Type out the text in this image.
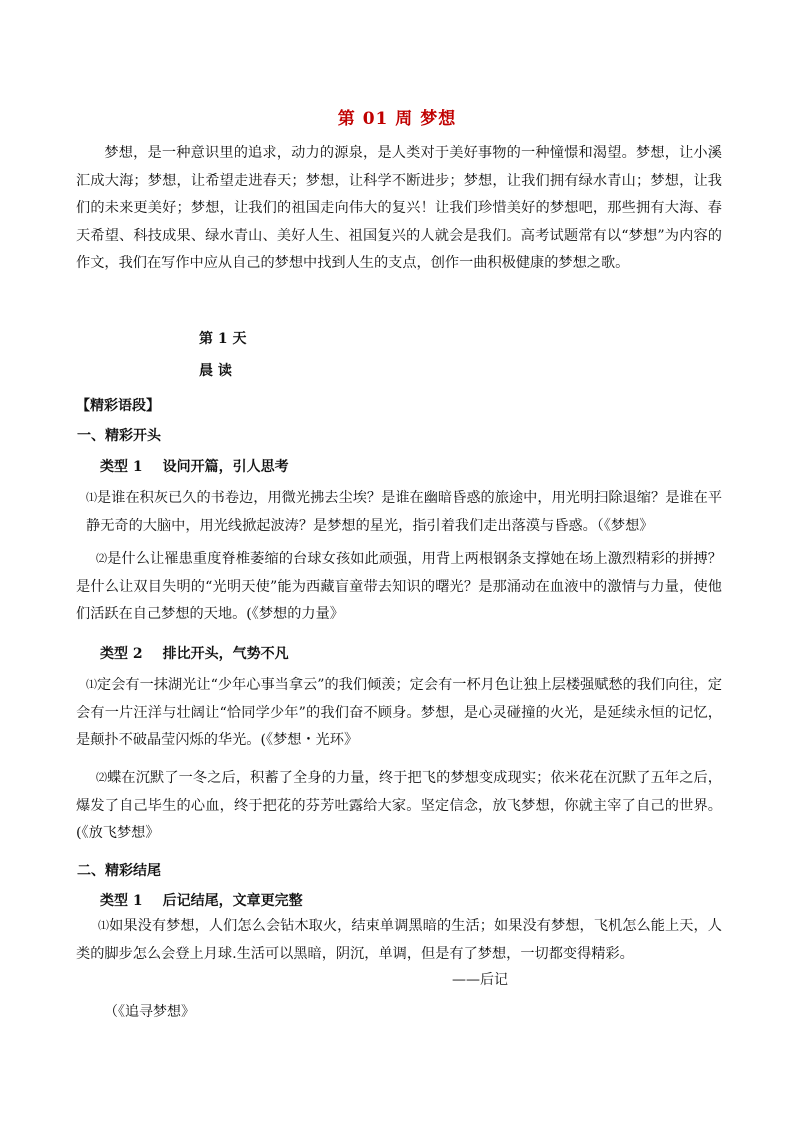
第 01 周 梦想

梦想，是一种意识里的追求，动力的源泉，是人类对于美好事物的一种憧憬和渴望。梦想，让小溪汇成大海；梦想，让希望走进春天；梦想，让科学不断进步；梦想，让我们拥有绿水青山；梦想，让我们的未来更美好；梦想，让我们的祖国走向伟大的复兴！让我们珍惜美好的梦想吧，那些拥有大海、春天希望、科技成果、绿水青山、美好人生、祖国复兴的人就会是我们。高考试题常有以“梦想”为内容的作文，我们在写作中应从自己的梦想中找到人生的支点，创作一曲积极健康的梦想之歌。

第 1 天
晨 读
【精彩语段】
一、精彩开头
类型 1 设问开篇，引人思考

⑴是谁在积灰已久的书卷边，用微光拂去尘埃？是谁在幽暗昏惑的旅途中，用光明扫除退缩？是谁在平静无奇的大脑中，用光线掀起波涛？是梦想的星光，指引着我们走出落漠与昏惑。（《梦想》

⑵是什么让罹患重度脊椎萎缩的台球女孩如此顽强，用背上两根钢条支撑她在场上激烈精彩的拼搏？是什么让双目失明的“光明天使”能为西藏盲童带去知识的曙光？是那涌动在血液中的激情与力量，使他们活跃在自己梦想的天地。(《梦想的力量》

类型 2 排比开头，气势不凡

⑴定会有一抹湖光让“少年心事当拿云”的我们倾羡；定会有一杯月色让独上层楼强赋愁的我们向往，定会有一片汪洋与壮阔让“恰同学少年”的我们奋不顾身。梦想，是心灵碰撞的火光，是延续永恒的记忆，是颠扑不破晶莹闪烁的华光。(《梦想・光环》

⑵蝶在沉默了一冬之后，积蓄了全身的力量，终于把飞的梦想变成现实；依米花在沉默了五年之后，爆发了自己毕生的心血，终于把花的芬芳吐露给大家。坚定信念，放飞梦想，你就主宰了自己的世界。(《放飞梦想》

二、精彩结尾
类型 1 后记结尾，文章更完整

⑴如果没有梦想，人们怎么会钻木取火，结束单调黑暗的生活；如果没有梦想，飞机怎么能上天，人类的脚步怎么会登上月球.生活可以黑暗，阴沉，单调，但是有了梦想，一切都变得精彩。

——后记
（《追寻梦想》
